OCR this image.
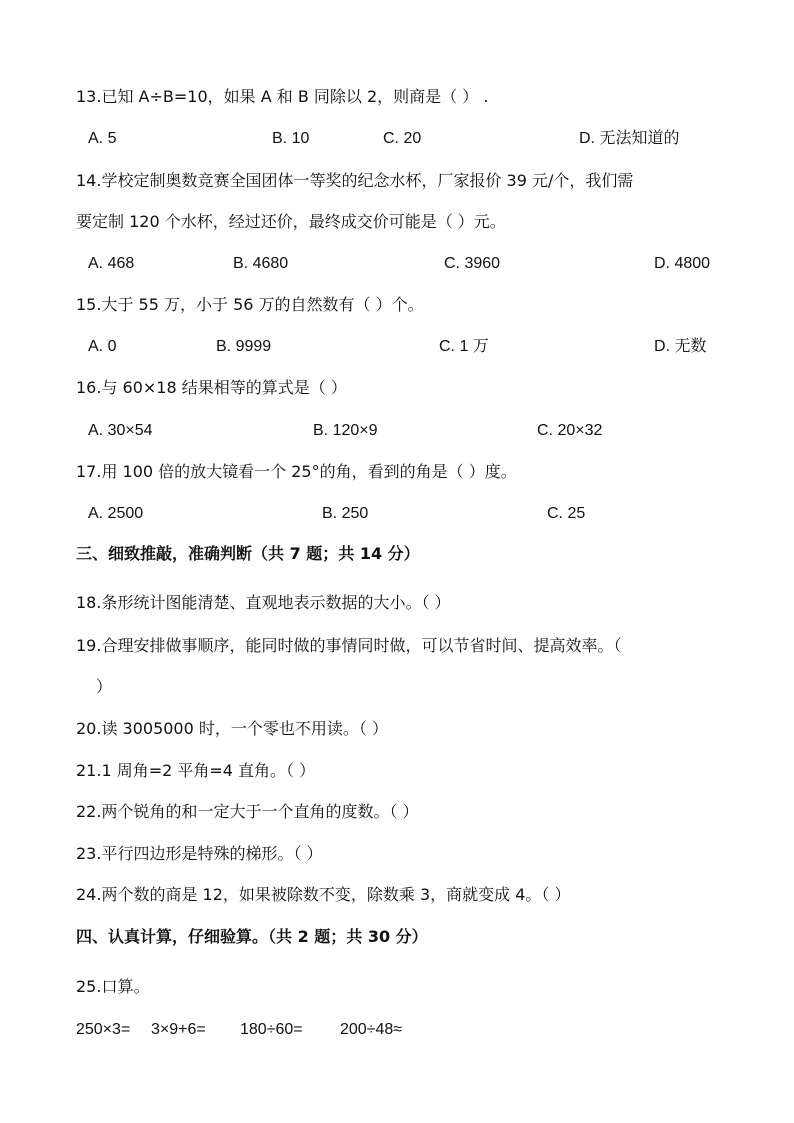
13.已知 A÷B=10，如果 A 和 B 同除以 2，则商是（ ） .
A. 5	B. 10	C. 20	D. 无法知道的
14.学校定制奥数竞赛全国团体一等奖的纪念水杯，厂家报价 39 元/个，我们需
要定制 120 个水杯，经过还价，最终成交价可能是（ ）元。
A. 468	B. 4680	C. 3960	D. 4800
15.大于 55 万，小于 56 万的自然数有（ ）个。
A. 0	B. 9999	C. 1 万	D. 无数
16.与 60×18 结果相等的算式是（ ）
A. 30×54	B. 120×9	C. 20×32
17.用 100 倍的放大镜看一个 25°的角，看到的角是（ ）度。
A. 2500	B. 250	C. 25
三、细致推敲，准确判断（共 7 题；共 14 分）
18.条形统计图能清楚、直观地表示数据的大小。（ ）
19.合理安排做事顺序，能同时做的事情同时做，可以节省时间、提高效率。（
）
20.读 3005000 时，一个零也不用读。（ ）
21.1 周角=2 平角=4 直角。（ ）
22.两个锐角的和一定大于一个直角的度数。（ ）
23.平行四边形是特殊的梯形。（ ）
24.两个数的商是 12，如果被除数不变，除数乘 3，商就变成 4。（ ）
四、认真计算，仔细验算。（共 2 题；共 30 分）
25.口算。
250×3= 3×9+6= 180÷60= 200÷48≈
